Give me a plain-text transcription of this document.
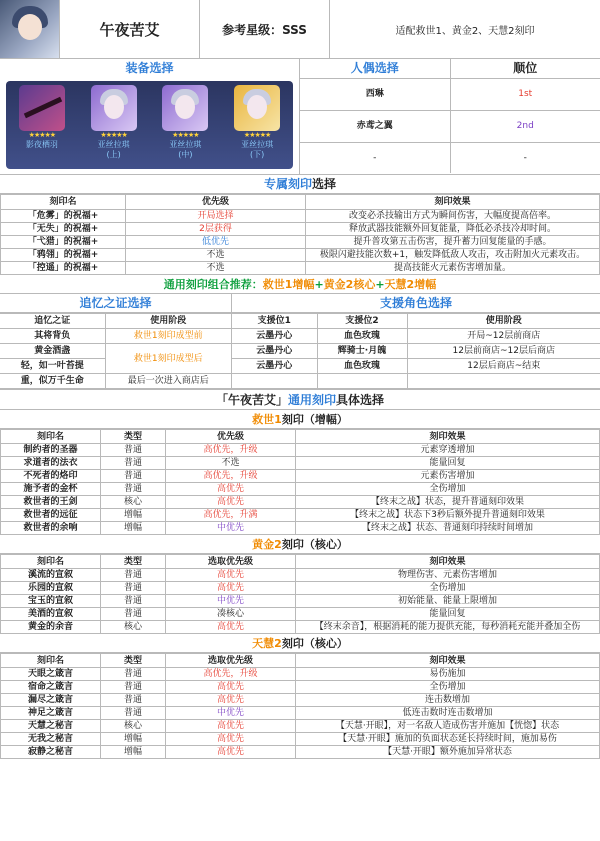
午夜苦艾	参考星级：SSS	适配救世1、黄金2、天慧2刻印
装备选择
★★★★★
影夜栖羽
★★★★★
亚丝拉琪
(上)
★★★★★
亚丝拉琪
(中)
★★★★★
亚丝拉琪
(下)
人偶选择	顺位
西琳	1st
赤鸢之翼	2nd
-	-
专属刻印选择
刻印名	优先级	刻印效果
「危雾」的祝福+	开局选择	改变必杀技输出方式为瞬间伤害，大幅度提高倍率。
「无失」的祝福+	2层获得	释放武器技能额外回复能量，降低必杀技冷却时间。
「弋猎」的祝福+	低优先	提升普攻第五击伤害，提升蓄力回复能量的手感。
「鸦翎」的祝福+	不选	极限闪避技能次数+1，触发降低敌人攻击，攻击附加火元素攻击。
「控遥」的祝福+	不选	提高技能火元素伤害增加量。
通用刻印组合推荐：救世1增幅+黄金2核心+天慧2增幅
追忆之证选择
追忆之证	使用阶段
其将背负	救世1刻印成型前
黄金酒盏	救世1刻印成型后
轻，如一叶苔提	
重，似万千生命	最后一次进入商店后
支援角色选择
支援位1	支援位2	使用阶段
云墨丹心	血色玫瑰	开局~12层前商店
云墨丹心	辉骑士·月魄	12层前商店~12层后商店
云墨丹心	血色玫瑰	12层后商店~结束

「午夜苦艾」通用刻印具体选择
救世1刻印（增幅）
刻印名	类型	优先级	刻印效果
制约者的圣器	普通	高优先，升级	元素穿透增加
求道者的法衣	普通	不选	能量回复
不死者的烙印	普通	高优先，升级	元素伤害增加
施予者的金杯	普通	高优先	全伤增加
救世者的王剑	核心	高优先	【终末之战】状态，提升普通刻印效果
救世者的远征	增幅	高优先，升满	【终末之战】状态下3秒后额外提升普通刻印效果
救世者的余响	增幅	中优先	【终末之战】状态、普通刻印持续时间增加
黄金2刻印（核心）
刻印名	类型	选取优先级	刻印效果
溪流的宣叙	普通	高优先	物理伤害、元素伤害增加
乐园的宣叙	普通	高优先	全伤增加
宝玉的宣叙	普通	中优先	初始能量、能量上限增加
美酒的宣叙	普通	凑核心	能量回复
黄金的余音	核心	高优先	【终末余音】，根据消耗的能力提供充能，每秒消耗充能并叠加全伤
天慧2刻印（核心）
刻印名	类型	选取优先级	刻印效果
天眼之箴言	普通	高优先，升级	易伤施加
宿命之箴言	普通	高优先	全伤增加
漏尽之箴言	普通	高优先	连击数增加
神足之箴言	普通	中优先	低连击数时连击数增加
天慧之秘言	核心	高优先	【天慧·开眼】，对一名敌人造成伤害并施加【恍惚】状态
无我之秘言	增幅	高优先	【天慧·开眼】施加的负面状态延长持续时间，施加易伤
寂静之秘言	增幅	高优先	【天慧·开眼】额外施加异常状态
